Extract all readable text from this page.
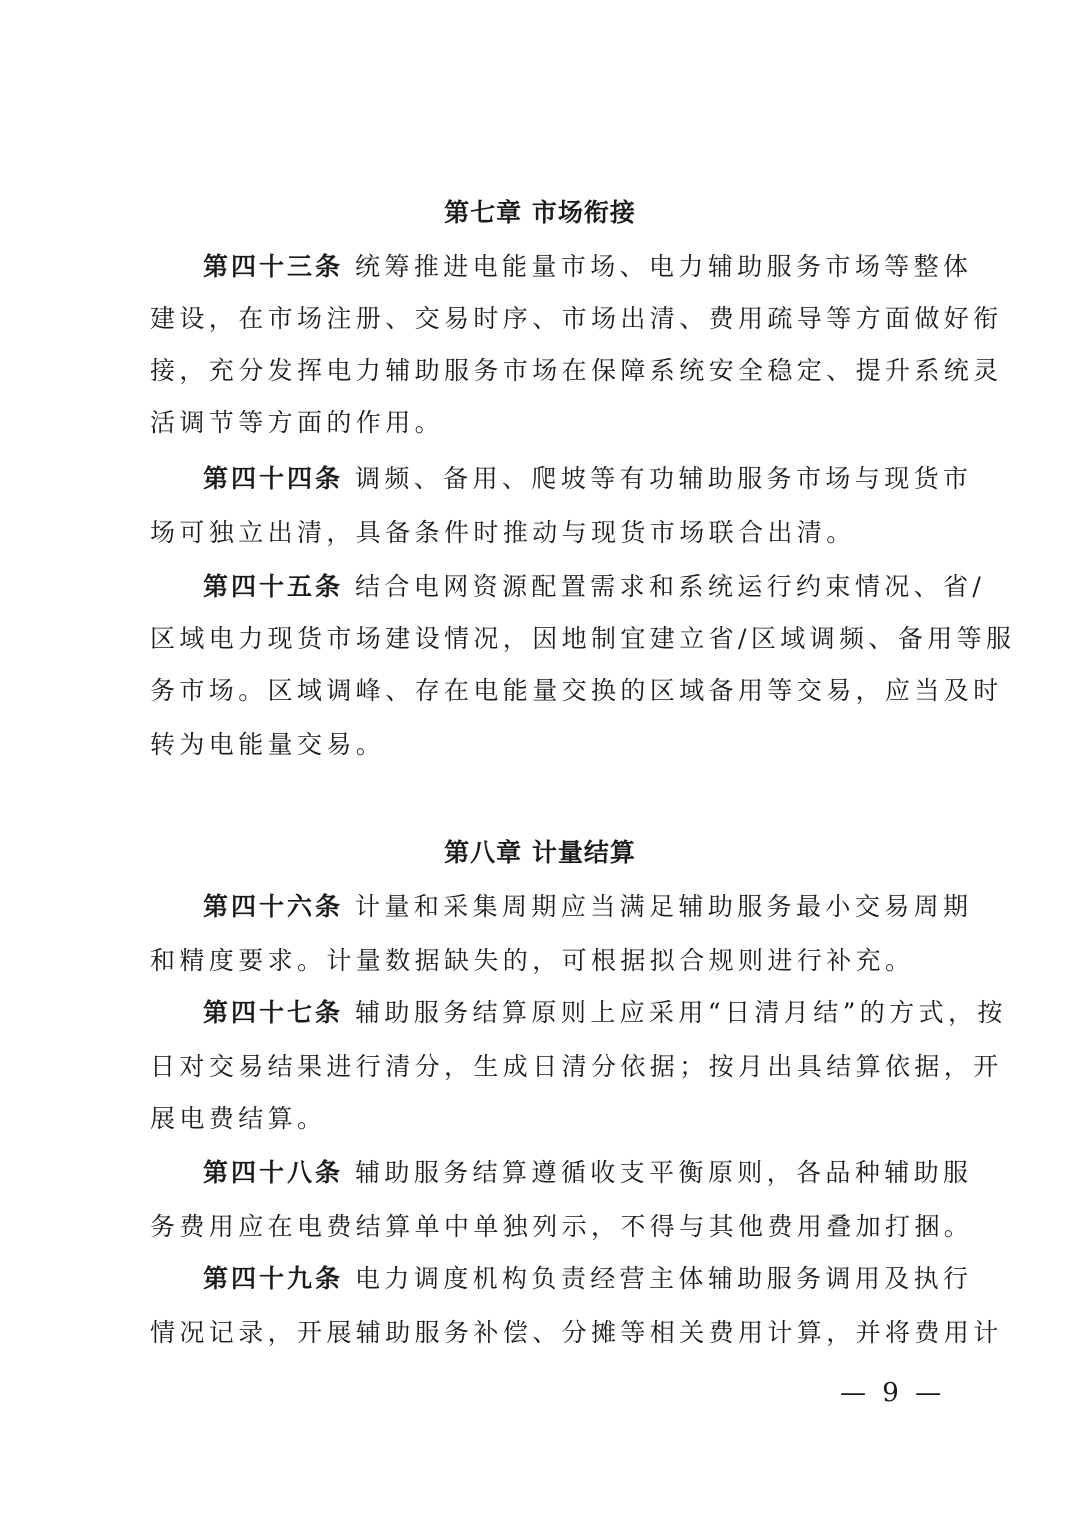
第七章 市场衔接
第四十三条 统筹推进电能量市场、电力辅助服务市场等整体
建设，在市场注册、交易时序、市场出清、费用疏导等方面做好衔
接，充分发挥电力辅助服务市场在保障系统安全稳定、提升系统灵
活调节等方面的作用。
第四十四条 调频、备用、爬坡等有功辅助服务市场与现货市
场可独立出清，具备条件时推动与现货市场联合出清。
第四十五条 结合电网资源配置需求和系统运行约束情况、省/
区域电力现货市场建设情况，因地制宜建立省/区域调频、备用等服
务市场。区域调峰、存在电能量交换的区域备用等交易，应当及时
转为电能量交易。
第八章 计量结算
第四十六条 计量和采集周期应当满足辅助服务最小交易周期
和精度要求。计量数据缺失的，可根据拟合规则进行补充。
第四十七条 辅助服务结算原则上应采用“日清月结”的方式，按
日对交易结果进行清分，生成日清分依据；按月出具结算依据，开
展电费结算。
第四十八条 辅助服务结算遵循收支平衡原则，各品种辅助服
务费用应在电费结算单中单独列示，不得与其他费用叠加打捆。
第四十九条 电力调度机构负责经营主体辅助服务调用及执行
情况记录，开展辅助服务补偿、分摊等相关费用计算，并将费用计
— 9 —
